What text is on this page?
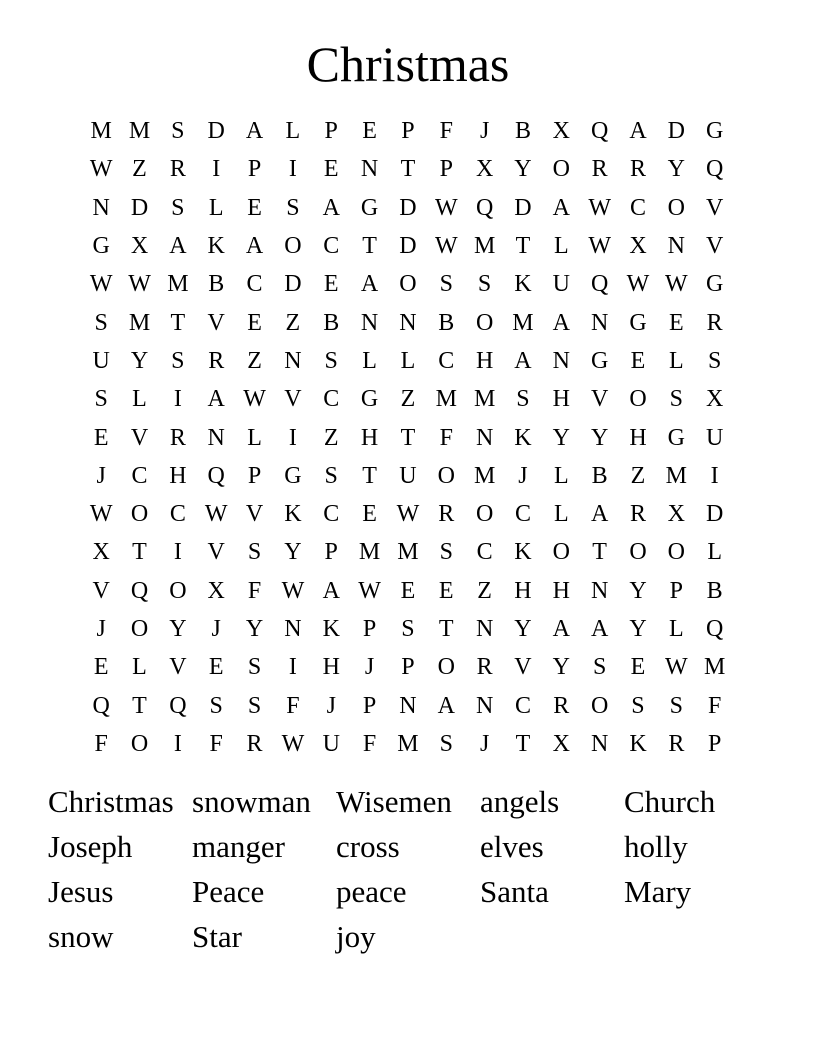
Christmas
M M S D A L	P	E	P	F	J	B X Q A D G
W Z R	I	P	I	E N T	P X Y O R R Y Q
N D S	L E	S A G D W Q D A W C O V
G X A K A O C T D W M T L W X N V
W W M B C D E A O S	S K U Q W W G
S M T V E Z B N N B O M A N G E R
U Y S R Z N S	L L C H A N G E L	S
S	L	I	A W V C G Z M M S H V O S X
E V R N L	I	Z H T	F N K Y Y H G U
J	C H Q P G S	T U O M J	L B Z M I
W O C W V K C E W R O C L A R X D
X T	I	V S Y P M M S C K O T O O L
V Q O X F W A W E E Z H H N Y P B
J	O Y	J	Y N K P	S	T N Y A A Y L Q
E L V E	S	I	H	J	P O R V Y S	E W M
Q T Q S	S	F	J	P N A N C R O S	S	F
F O	I	F R W U F M S	J	T X N K R P
Christmas snowman Wisemen angels	Church
Joseph	manger	cross	elves	holly
Jesus	Peace	peace	Santa	Mary
snow	Star	joy
